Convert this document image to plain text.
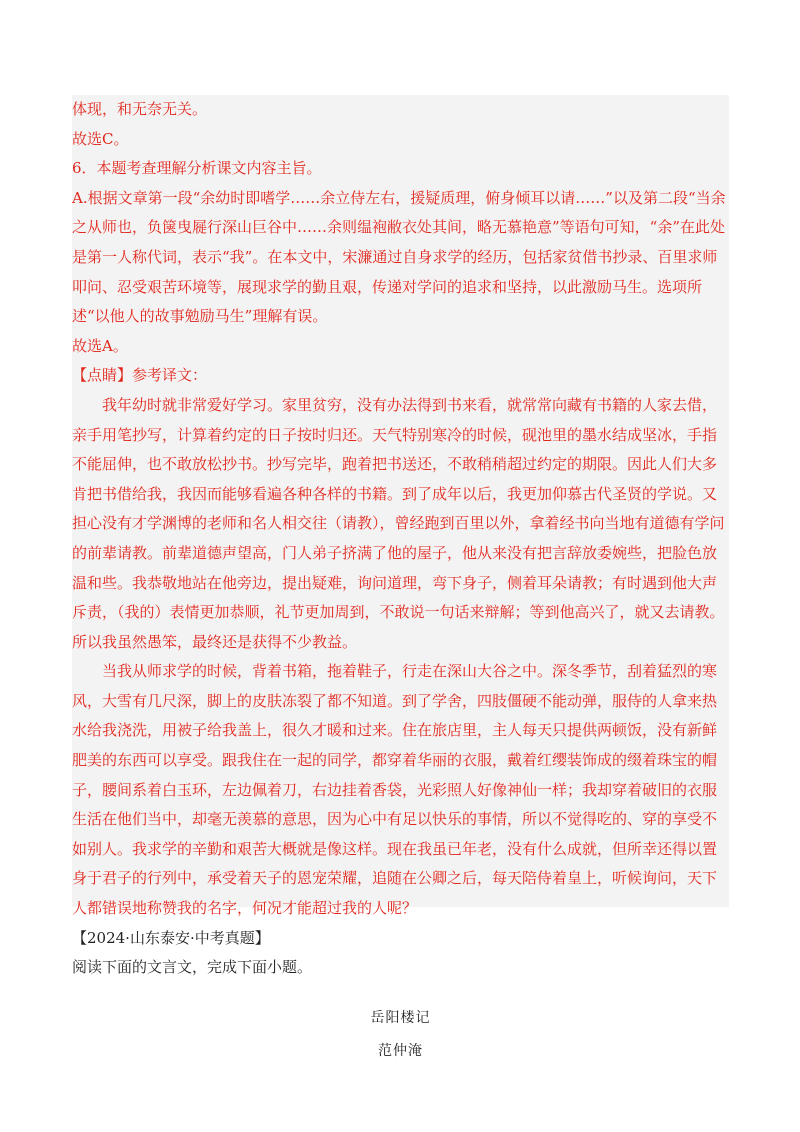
体现，和无奈无关。

故选C。

6．本题考查理解分析课文内容主旨。

A.根据文章第一段“余幼时即嗜学……余立侍左右，援疑质理，俯身倾耳以请……”以及第二段“当余之从师也，负箧曳屣行深山巨谷中……余则缊袍敝衣处其间，略无慕艳意”等语句可知，“余”在此处是第一人称代词，表示“我”。在本文中，宋濂通过自身求学的经历，包括家贫借书抄录、百里求师叩问、忍受艰苦环境等，展现求学的勤且艰，传递对学问的追求和坚持，以此激励马生。选项所述“以他人的故事勉励马生”理解有误。

故选A。

【点睛】参考译文：

我年幼时就非常爱好学习。家里贫穷，没有办法得到书来看，就常常向藏有书籍的人家去借，亲手用笔抄写，计算着约定的日子按时归还。天气特别寒冷的时候，砚池里的墨水结成坚冰，手指不能屈伸，也不敢放松抄书。抄写完毕，跑着把书送还，不敢稍稍超过约定的期限。因此人们大多肯把书借给我，我因而能够看遍各种各样的书籍。到了成年以后，我更加仰慕古代圣贤的学说。又担心没有才学渊博的老师和名人相交往（请教），曾经跑到百里以外，拿着经书向当地有道德有学问的前辈请教。前辈道德声望高，门人弟子挤满了他的屋子，他从来没有把言辞放委婉些，把脸色放温和些。我恭敬地站在他旁边，提出疑难，询问道理，弯下身子，侧着耳朵请教；有时遇到他大声斥责，（我的）表情更加恭顺，礼节更加周到，不敢说一句话来辩解；等到他高兴了，就又去请教。所以我虽然愚笨，最终还是获得不少教益。

当我从师求学的时候，背着书箱，拖着鞋子，行走在深山大谷之中。深冬季节，刮着猛烈的寒风，大雪有几尺深，脚上的皮肤冻裂了都不知道。到了学舍，四肢僵硬不能动弹，服侍的人拿来热水给我浇洗，用被子给我盖上，很久才暖和过来。住在旅店里，主人每天只提供两顿饭，没有新鲜肥美的东西可以享受。跟我住在一起的同学，都穿着华丽的衣服，戴着红缨装饰成的缀着珠宝的帽子，腰间系着白玉环，左边佩着刀，右边挂着香袋，光彩照人好像神仙一样；我却穿着破旧的衣服生活在他们当中，却毫无羡慕的意思，因为心中有足以快乐的事情，所以不觉得吃的、穿的享受不如别人。我求学的辛勤和艰苦大概就是像这样。现在我虽已年老，没有什么成就，但所幸还得以置身于君子的行列中，承受着天子的恩宠荣耀，追随在公卿之后，每天陪侍着皇上，听候询问，天下人都错误地称赞我的名字，何况才能超过我的人呢？

【2024·山东泰安·中考真题】

阅读下面的文言文，完成下面小题。

岳阳楼记

范仲淹
